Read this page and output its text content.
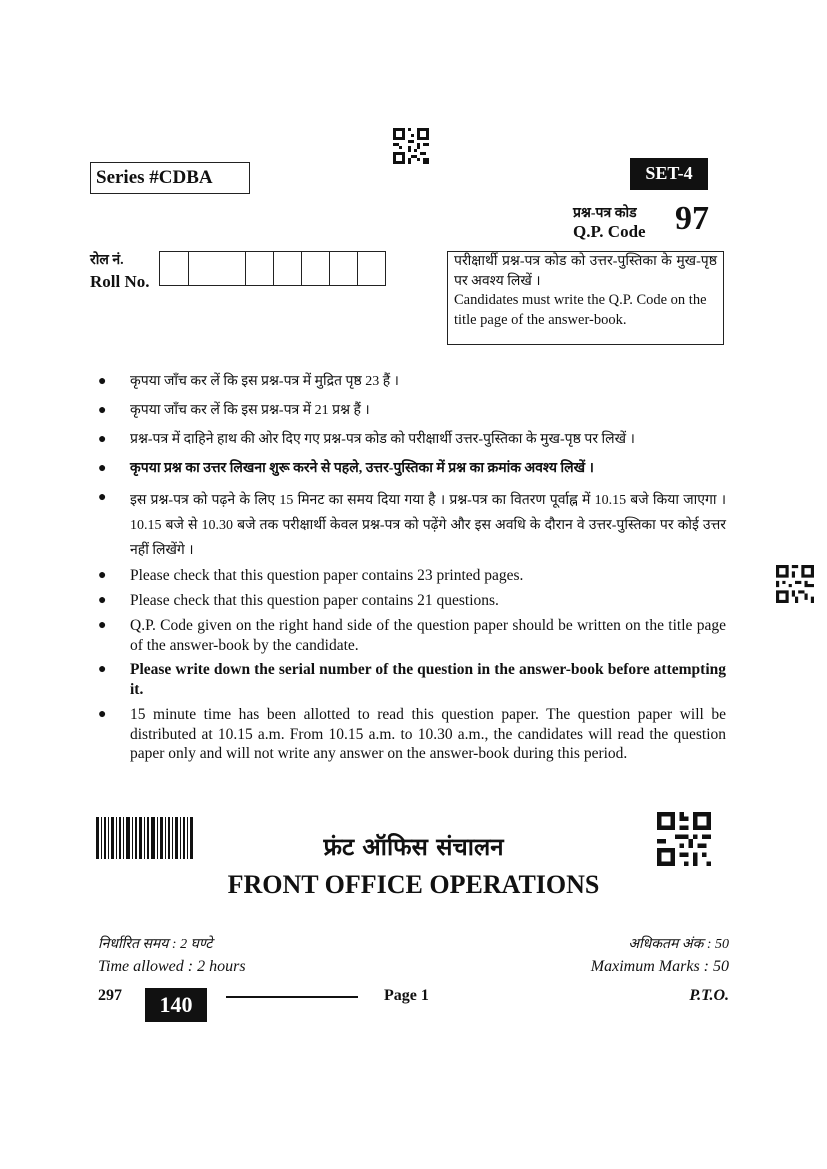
Series #CDBA	SET-4
प्रश्न-पत्र कोड
Q.P. Code 97
रोल नं.
Roll No.
परीक्षार्थी प्रश्न-पत्र कोड को उत्तर-पुस्तिका के मुख-पृष्ठ पर अवश्य लिखें ।
Candidates must write the Q.P. Code on the title page of the answer-book.
● कृपया जाँच कर लें कि इस प्रश्न-पत्र में मुद्रित पृष्ठ 23 हैं ।
● कृपया जाँच कर लें कि इस प्रश्न-पत्र में 21 प्रश्न हैं ।
● प्रश्न-पत्र में दाहिने हाथ की ओर दिए गए प्रश्न-पत्र कोड को परीक्षार्थी उत्तर-पुस्तिका के मुख-पृष्ठ पर लिखें ।
● कृपया प्रश्न का उत्तर लिखना शुरू करने से पहले, उत्तर-पुस्तिका में प्रश्न का क्रमांक अवश्य लिखें ।
● इस प्रश्न-पत्र को पढ़ने के लिए 15 मिनट का समय दिया गया है । प्रश्न-पत्र का वितरण पूर्वाह्न में 10.15 बजे किया जाएगा । 10.15 बजे से 10.30 बजे तक परीक्षार्थी केवल प्रश्न-पत्र को पढ़ेंगे और इस अवधि के दौरान वे उत्तर-पुस्तिका पर कोई उत्तर नहीं लिखेंगे ।
● Please check that this question paper contains 23 printed pages.
● Please check that this question paper contains 21 questions.
● Q.P. Code given on the right hand side of the question paper should be written on the title page of the answer-book by the candidate.
● Please write down the serial number of the question in the answer-book before attempting it.
● 15 minute time has been allotted to read this question paper. The question paper will be distributed at 10.15 a.m. From 10.15 a.m. to 10.30 a.m., the candidates will read the question paper only and will not write any answer on the answer-book during this period.
फ्रंट ऑफिस संचालन
FRONT OFFICE OPERATIONS
निर्धारित समय : 2 घण्टे
Time allowed : 2 hours
अधिकतम अंक : 50
Maximum Marks : 50
297	140	Page 1	P.T.O.
